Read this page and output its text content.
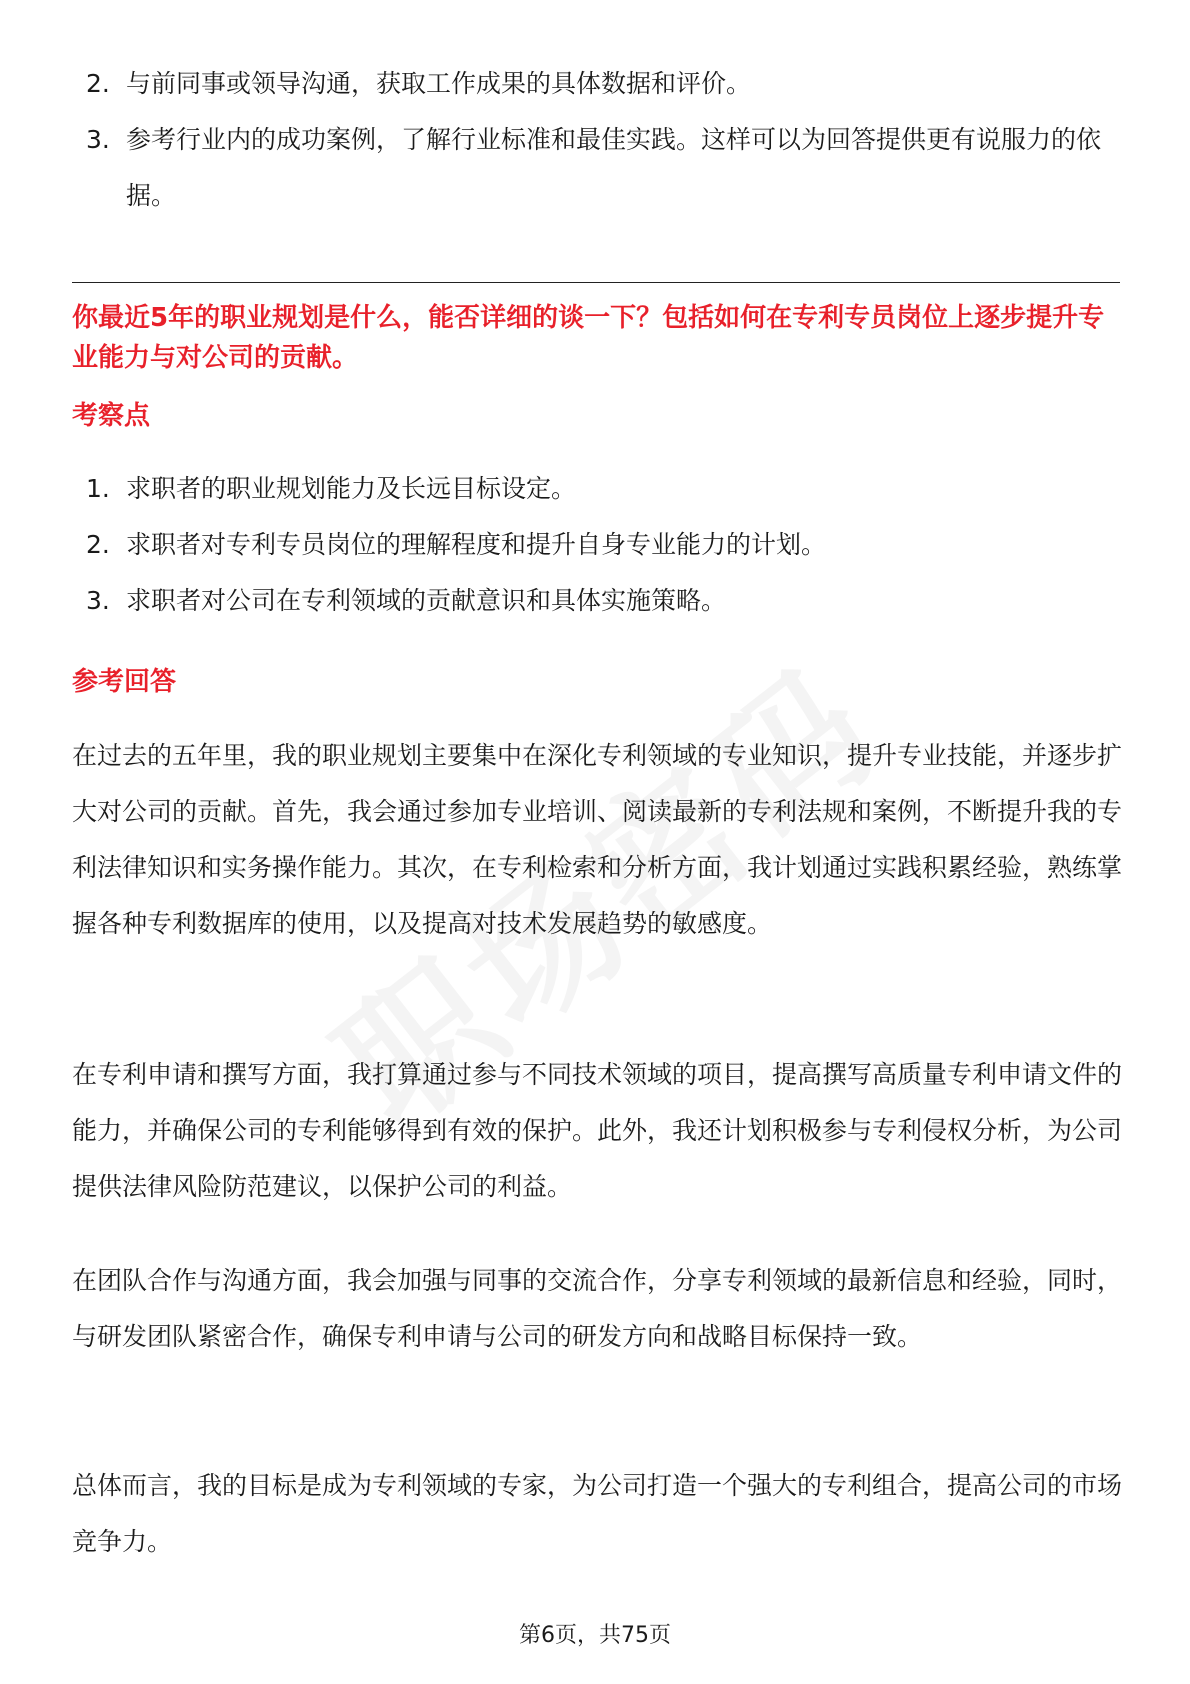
2. 与前同事或领导沟通，获取工作成果的具体数据和评价。
3. 参考行业内的成功案例，了解行业标准和最佳实践。这样可以为回答提供更有说服力的依据。

你最近5年的职业规划是什么，能否详细的谈一下？包括如何在专利专员岗位上逐步提升专业能力与对公司的贡献。

考察点

1. 求职者的职业规划能力及长远目标设定。
2. 求职者对专利专员岗位的理解程度和提升自身专业能力的计划。
3. 求职者对公司在专利领域的贡献意识和具体实施策略。

参考回答

在过去的五年里，我的职业规划主要集中在深化专利领域的专业知识，提升专业技能，并逐步扩大对公司的贡献。首先，我会通过参加专业培训、阅读最新的专利法规和案例，不断提升我的专利法律知识和实务操作能力。其次，在专利检索和分析方面，我计划通过实践积累经验，熟练掌握各种专利数据库的使用，以及提高对技术发展趋势的敏感度。

在专利申请和撰写方面，我打算通过参与不同技术领域的项目，提高撰写高质量专利申请文件的能力，并确保公司的专利能够得到有效的保护。此外，我还计划积极参与专利侵权分析，为公司提供法律风险防范建议，以保护公司的利益。

在团队合作与沟通方面，我会加强与同事的交流合作，分享专利领域的最新信息和经验，同时，与研发团队紧密合作，确保专利申请与公司的研发方向和战略目标保持一致。

总体而言，我的目标是成为专利领域的专家，为公司打造一个强大的专利组合，提高公司的市场竞争力。

第6页，共75页
